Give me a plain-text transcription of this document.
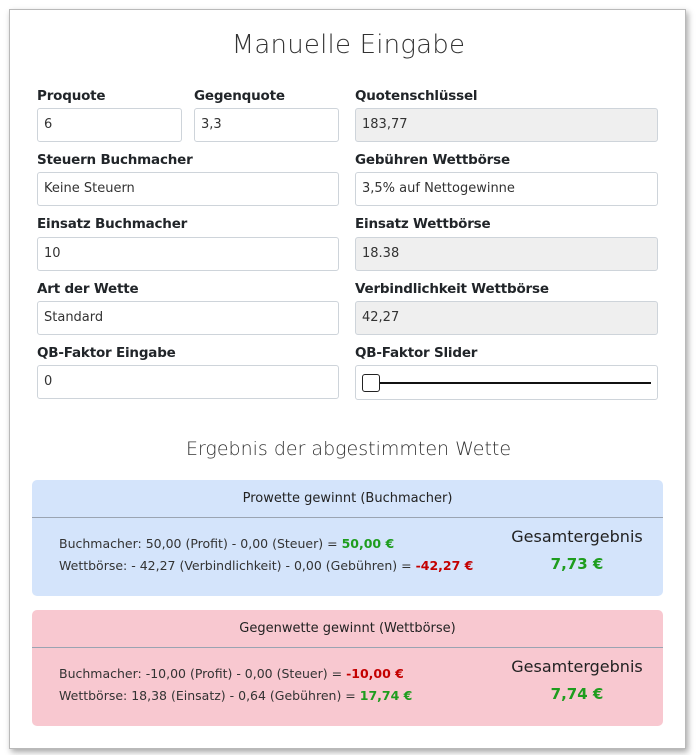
Manuelle Eingabe
Proquote
6
Gegenquote
3,3
Quotenschlüssel
183,77
Steuern Buchmacher
Keine Steuern
Gebühren Wettbörse
3,5% auf Nettogewinne
Einsatz Buchmacher
10
Einsatz Wettbörse
18.38
Art der Wette
Standard
Verbindlichkeit Wettbörse
42,27
QB-Faktor Eingabe
0
QB-Faktor Slider
Ergebnis der abgestimmten Wette
Prowette gewinnt (Buchmacher)
Buchmacher: 50,00 (Profit) - 0,00 (Steuer) = 50,00 €
Wettbörse: - 42,27 (Verbindlichkeit) - 0,00 (Gebühren) = -42,27 €
Gesamtergebnis
7,73 €
Gegenwette gewinnt (Wettbörse)
Buchmacher: -10,00 (Profit) - 0,00 (Steuer) = -10,00 €
Wettbörse: 18,38 (Einsatz) - 0,64 (Gebühren) = 17,74 €
Gesamtergebnis
7,74 €
